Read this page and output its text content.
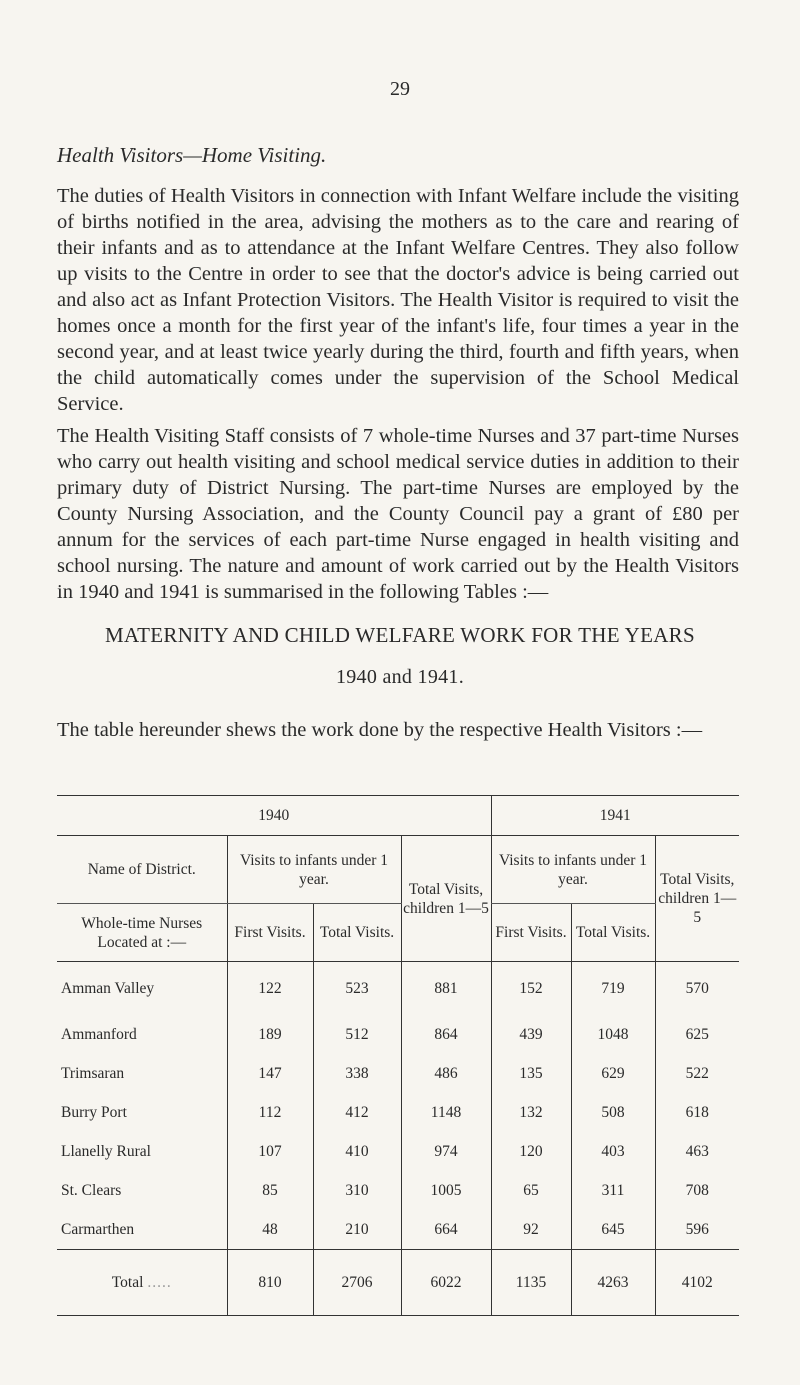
29
Health Visitors—Home Visiting.

The duties of Health Visitors in connection with Infant Welfare include the visiting of births notified in the area, advising the mothers as to the care and rearing of their infants and as to attendance at the Infant Welfare Centres. They also follow up visits to the Centre in order to see that the doctor's advice is being carried out and also act as Infant Protection Visitors. The Health Visitor is required to visit the homes once a month for the first year of the infant's life, four times a year in the second year, and at least twice yearly during the third, fourth and fifth years, when the child automatically comes under the supervision of the School Medical Service.

The Health Visiting Staff consists of 7 whole-time Nurses and 37 part-time Nurses who carry out health visiting and school medical service duties in addition to their primary duty of District Nursing. The part-time Nurses are employed by the County Nursing Association, and the County Council pay a grant of £80 per annum for the services of each part-time Nurse engaged in health visiting and school nursing. The nature and amount of work carried out by the Health Visitors in 1940 and 1941 is summarised in the following Tables :—

MATERNITY AND CHILD WELFARE WORK FOR THE YEARS
1940 and 1941.

The table hereunder shews the work done by the respective Health Visitors :—

1940				1941		
Name of District.	Visits to infants under 1 year.		Total Visits, children 1—5	Visits to infants under 1 year.		Total Visits, children 1—5
Whole-time Nurses Located at :—	First Visits.	Total Visits.		First Visits.	Total Visits.	
Amman Valley	122	523	881	152	719	570
Ammanford	189	512	864	439	1048	625
Trimsaran	147	338	486	135	629	522
Burry Port	112	412	1148	132	508	618
Llanelly Rural	107	410	974	120	403	463
St. Clears	85	310	1005	65	311	708
Carmarthen	48	210	664	92	645	596
Total .....	810	2706	6022	1135	4263	4102
